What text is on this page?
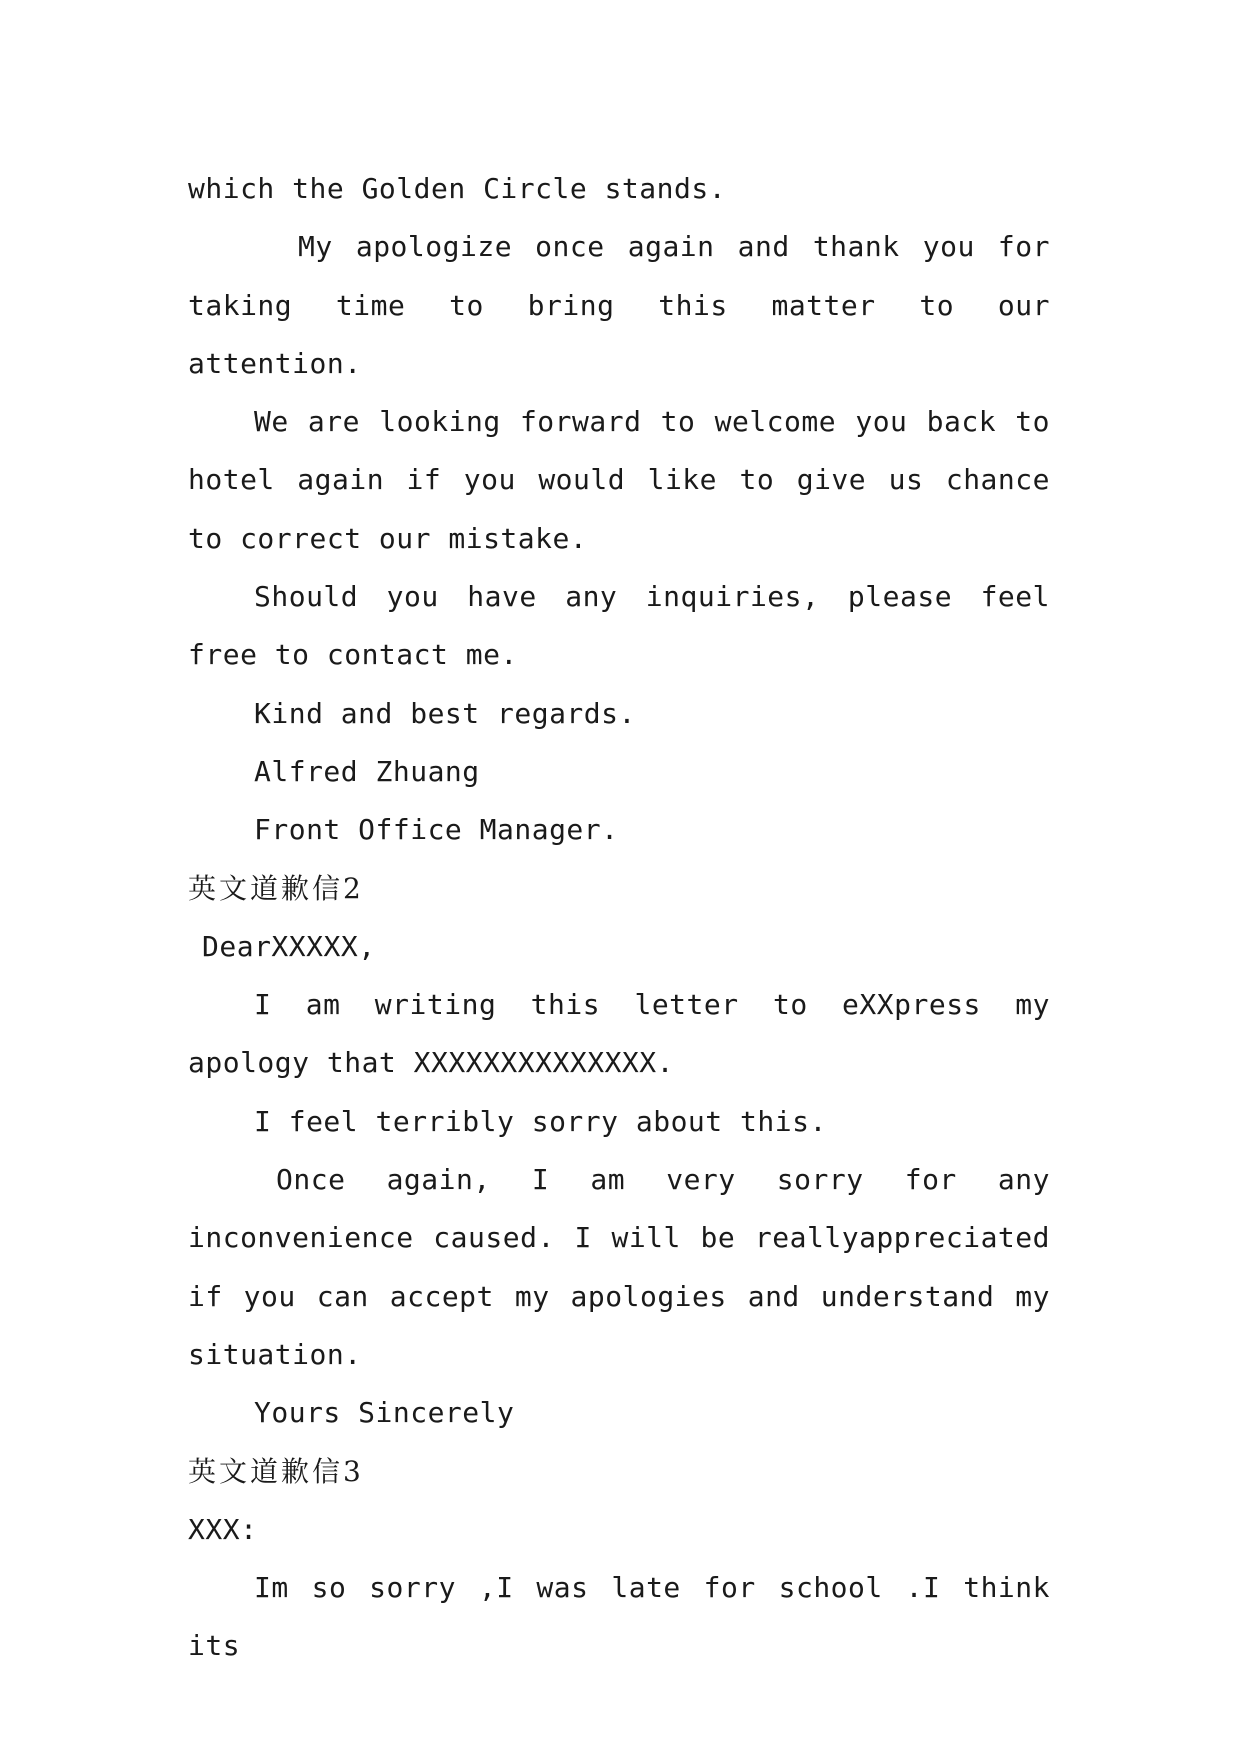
which the Golden Circle stands.

My apologize once again and thank you for taking time to bring this matter to our attention.

We are looking forward to welcome you back to hotel again if you would like to give us chance to correct our mistake.

Should you have any inquiries, please feel free to contact me.

Kind and best regards.

Alfred Zhuang

Front Office Manager.

英文道歉信2

DearXXXXX,

I am writing this letter to eXXpress my apology that XXXXXXXXXXXXXX.

I feel terribly sorry about this.

Once again, I am very sorry for any inconvenience caused. I will be reallyappreciated if you can accept my apologies and understand my situation.

Yours Sincerely

英文道歉信3

XXX:

Im so sorry ,I was late for school .I think its
